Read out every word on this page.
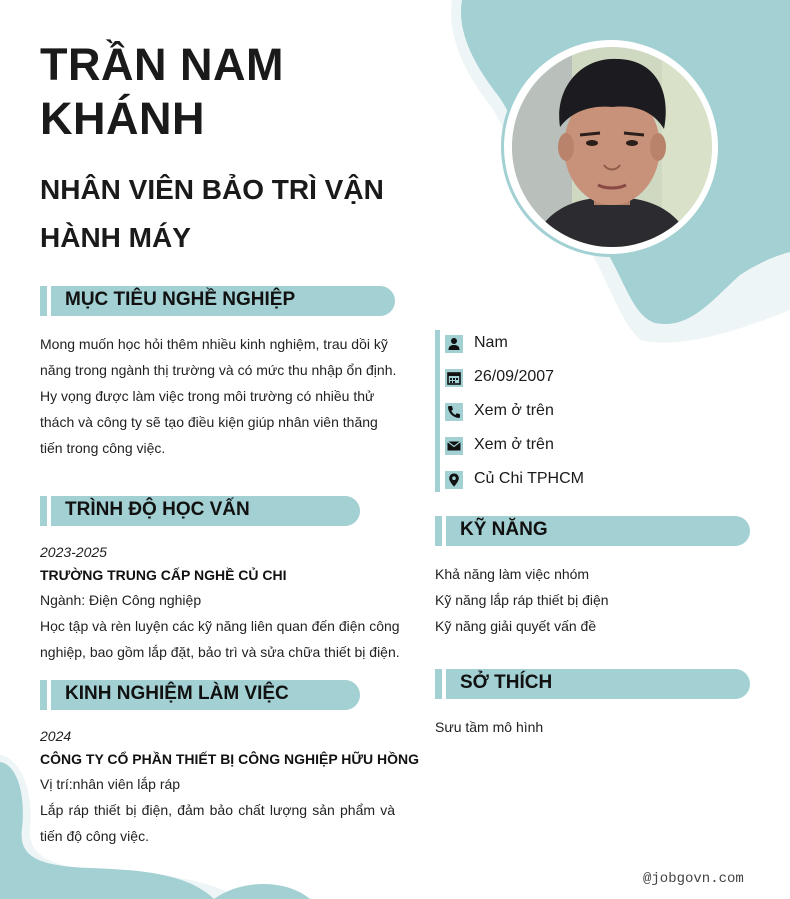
TRẦN NAM
KHÁNH
NHÂN VIÊN BẢO TRÌ VẬN
HÀNH MÁY
MỤC TIÊU NGHỀ NGHIỆP
Mong muốn học hỏi thêm nhiều kinh nghiệm, trau dồi kỹ
năng trong ngành thị trường và có mức thu nhập ổn định.
Hy vọng được làm việc trong môi trường có nhiều thử
thách và công ty sẽ tạo điều kiện giúp nhân viên thăng
tiến trong công việc.
TRÌNH ĐỘ HỌC VẤN
2023-2025
TRƯỜNG TRUNG CẤP NGHỀ CỦ CHI
Ngành: Điện Công nghiệp
Học tập và rèn luyện các kỹ năng liên quan đến điện công
nghiệp, bao gồm lắp đặt, bảo trì và sửa chữa thiết bị điện.
KINH NGHIỆM LÀM VIỆC
2024
CÔNG TY CỔ PHẦN THIẾT BỊ CÔNG NGHIỆP HỮU HỒNG
Vị trí:nhân viên lắp ráp
Lắp ráp thiết bị điện, đảm bảo chất lượng sản phẩm và
tiến độ công việc.
Nam
26/09/2007
Xem ở trên
Xem ở trên
Củ Chi TPHCM
KỸ NĂNG
Khả năng làm việc nhóm
Kỹ năng lắp ráp thiết bị điện
Kỹ năng giải quyết vấn đề
SỞ THÍCH
Sưu tầm mô hình
@jobgovn.com
